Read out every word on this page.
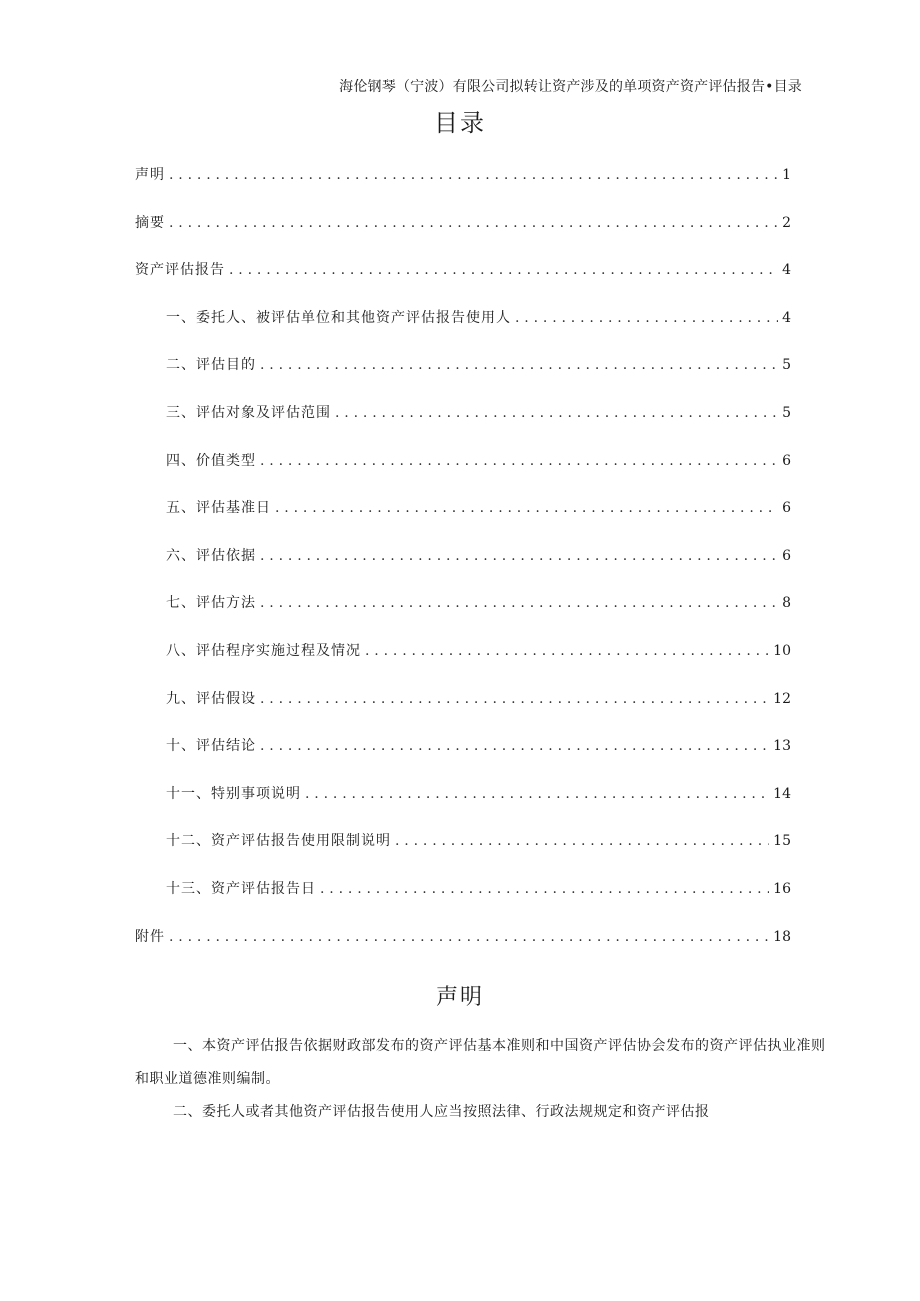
海伦钢琴（宁波）有限公司拟转让资产涉及的单项资产资产评估报告•目录
目录
声明 . . .	1
摘要 . . .	2
资产评估报告 . . .	4
一、委托人、被评估单位和其他资产评估报告使用人 . . .	4
二、评估目的 . . .	5
三、评估对象及评估范围 . . .	5
四、价值类型 . . .	6
五、评估基准日 . . .	6
六、评估依据 . . .	6
七、评估方法 . . .	8
八、评估程序实施过程及情况 . . .	10
九、评估假设 . . .	12
十、评估结论 . . .	13
十一、特别事项说明 . . .	14
十二、资产评估报告使用限制说明 . . .	15
十三、资产评估报告日 . . .	16
附件 . . .	18
声明

一、本资产评估报告依据财政部发布的资产评估基本准则和中国资产评估协会发布的资产评估执业准则和职业道德准则编制。

二、委托人或者其他资产评估报告使用人应当按照法律、行政法规规定和资产评估报
